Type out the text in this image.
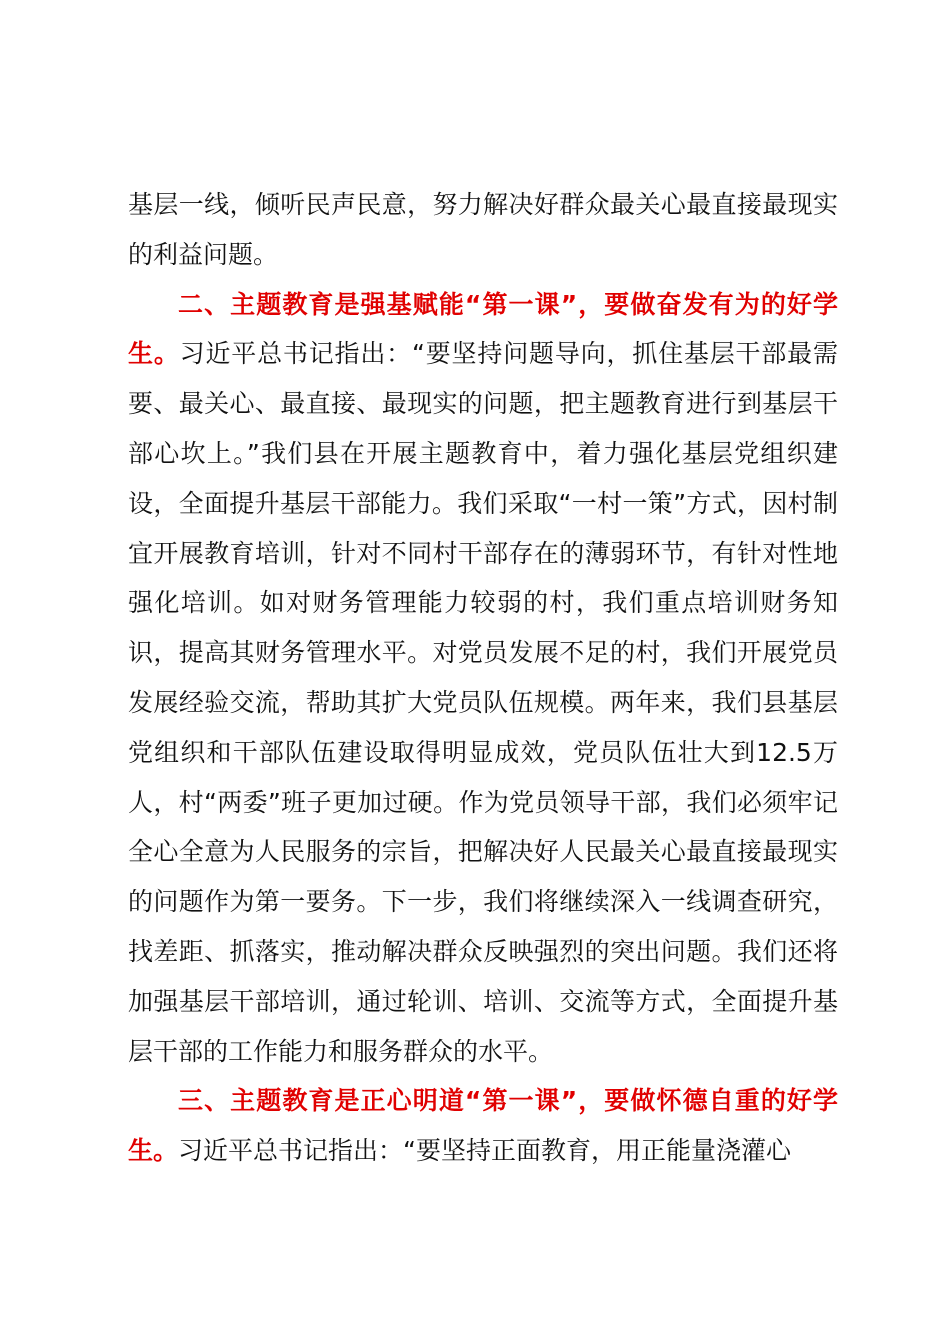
基层一线，倾听民声民意，努力解决好群众最关心最直接最现实的利益问题。

二、主题教育是强基赋能“第一课”，要做奋发有为的好学生。习近平总书记指出：“要坚持问题导向，抓住基层干部最需要、最关心、最直接、最现实的问题，把主题教育进行到基层干部心坎上。”我们县在开展主题教育中，着力强化基层党组织建设，全面提升基层干部能力。我们采取“一村一策”方式，因村制宜开展教育培训，针对不同村干部存在的薄弱环节，有针对性地强化培训。如对财务管理能力较弱的村，我们重点培训财务知识，提高其财务管理水平。对党员发展不足的村，我们开展党员发展经验交流，帮助其扩大党员队伍规模。两年来，我们县基层党组织和干部队伍建设取得明显成效，党员队伍壮大到12.5万人，村“两委”班子更加过硬。作为党员领导干部，我们必须牢记全心全意为人民服务的宗旨，把解决好人民最关心最直接最现实的问题作为第一要务。下一步，我们将继续深入一线调查研究，找差距、抓落实，推动解决群众反映强烈的突出问题。我们还将加强基层干部培训，通过轮训、培训、交流等方式，全面提升基层干部的工作能力和服务群众的水平。

三、主题教育是正心明道“第一课”，要做怀德自重的好学生。习近平总书记指出：“要坚持正面教育，用正能量浇灌心
